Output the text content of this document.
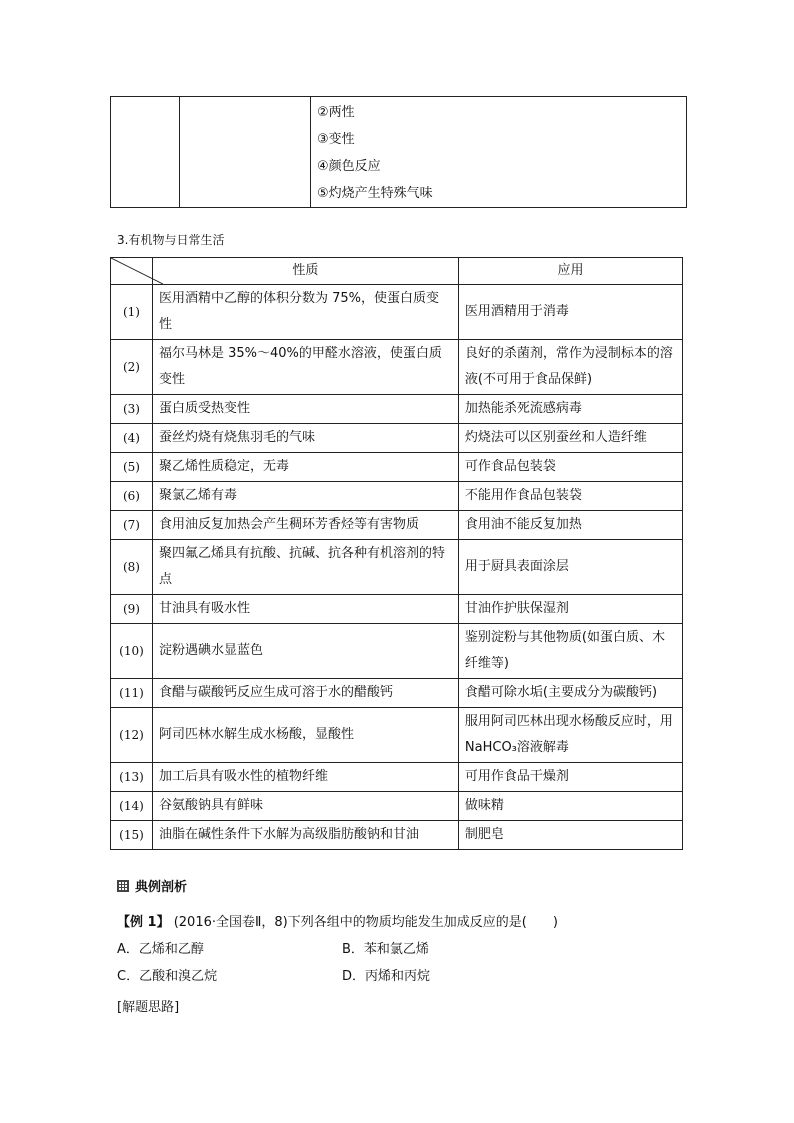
②两性
③变性
④颜色反应
⑤灼烧产生特殊气味
3.有机物与日常生活
	性质	应用
(1)	医用酒精中乙醇的体积分数为 75%，使蛋白质变性	医用酒精用于消毒
(2)	福尔马林是 35%～40%的甲醛水溶液，使蛋白质变性	良好的杀菌剂，常作为浸制标本的溶液(不可用于食品保鲜)
(3)	蛋白质受热变性	加热能杀死流感病毒
(4)	蚕丝灼烧有烧焦羽毛的气味	灼烧法可以区别蚕丝和人造纤维
(5)	聚乙烯性质稳定，无毒	可作食品包装袋
(6)	聚氯乙烯有毒	不能用作食品包装袋
(7)	食用油反复加热会产生稠环芳香烃等有害物质	食用油不能反复加热
(8)	聚四氟乙烯具有抗酸、抗碱、抗各种有机溶剂的特点	用于厨具表面涂层
(9)	甘油具有吸水性	甘油作护肤保湿剂
(10)	淀粉遇碘水显蓝色	鉴别淀粉与其他物质(如蛋白质、木纤维等)
(11)	食醋与碳酸钙反应生成可溶于水的醋酸钙	食醋可除水垢(主要成分为碳酸钙)
(12)	阿司匹林水解生成水杨酸，显酸性	服用阿司匹林出现水杨酸反应时，用NaHCO₃溶液解毒
(13)	加工后具有吸水性的植物纤维	可用作食品干燥剂
(14)	谷氨酸钠具有鲜味	做味精
(15)	油脂在碱性条件下水解为高级脂肪酸钠和甘油	制肥皂
典例剖析
【例 1】 (2016·全国卷Ⅱ，8)下列各组中的物质均能发生加成反应的是(　　)
A．乙烯和乙醇	B．苯和氯乙烯
C．乙酸和溴乙烷	D．丙烯和丙烷
[解题思路]
